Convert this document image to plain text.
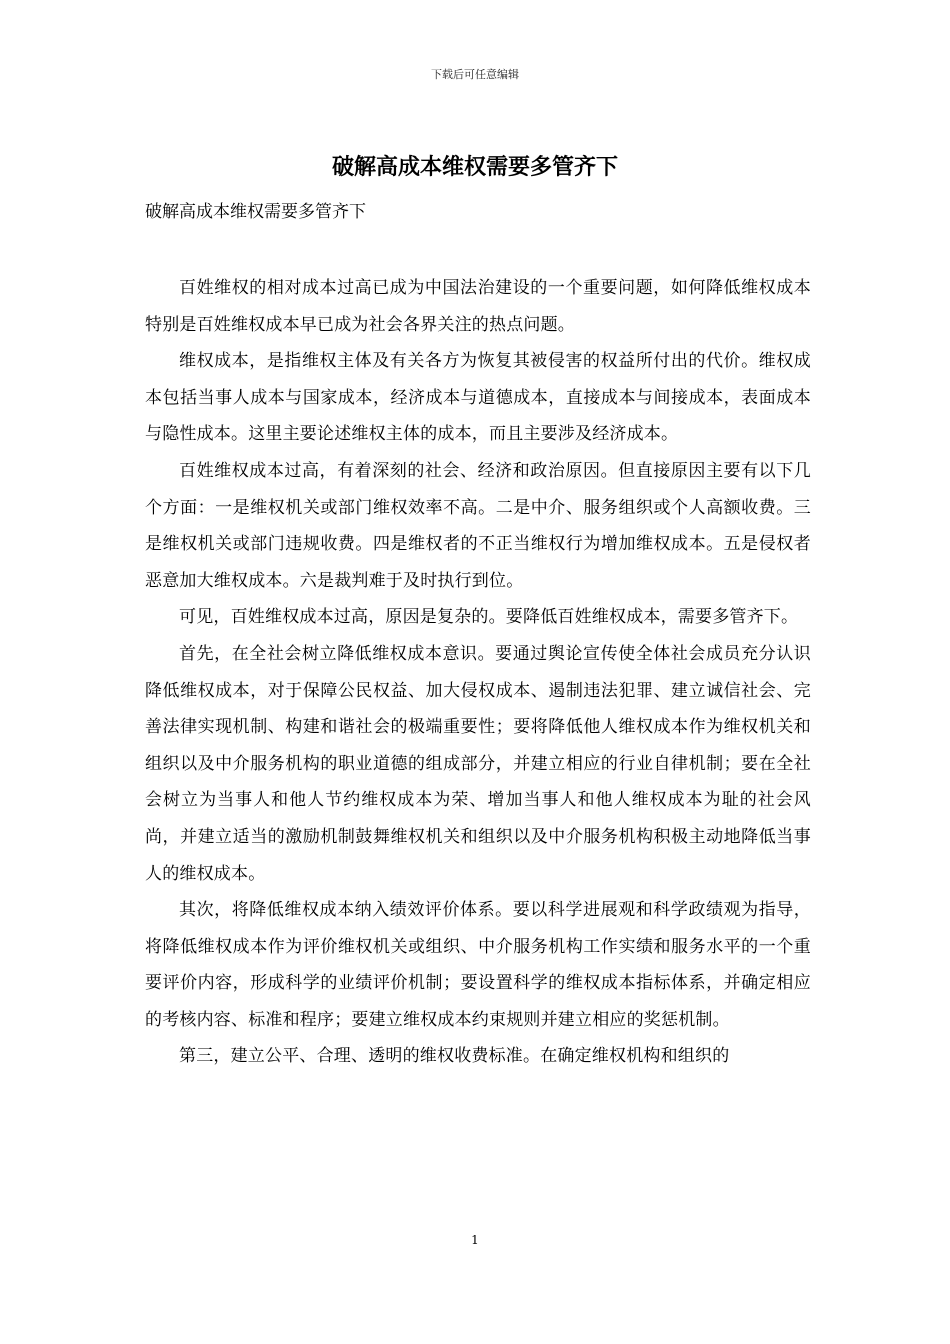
下载后可任意编辑
破解高成本维权需要多管齐下

破解高成本维权需要多管齐下

百姓维权的相对成本过高已成为中国法治建设的一个重要问题，如何降低维权成本特别是百姓维权成本早已成为社会各界关注的热点问题。

维权成本，是指维权主体及有关各方为恢复其被侵害的权益所付出的代价。维权成本包括当事人成本与国家成本，经济成本与道德成本，直接成本与间接成本，表面成本与隐性成本。这里主要论述维权主体的成本，而且主要涉及经济成本。

百姓维权成本过高，有着深刻的社会、经济和政治原因。但直接原因主要有以下几个方面：一是维权机关或部门维权效率不高。二是中介、服务组织或个人高额收费。三是维权机关或部门违规收费。四是维权者的不正当维权行为增加维权成本。五是侵权者恶意加大维权成本。六是裁判难于及时执行到位。

可见，百姓维权成本过高，原因是复杂的。要降低百姓维权成本，需要多管齐下。

首先，在全社会树立降低维权成本意识。要通过舆论宣传使全体社会成员充分认识降低维权成本，对于保障公民权益、加大侵权成本、遏制违法犯罪、建立诚信社会、完善法律实现机制、构建和谐社会的极端重要性；要将降低他人维权成本作为维权机关和组织以及中介服务机构的职业道德的组成部分，并建立相应的行业自律机制；要在全社会树立为当事人和他人节约维权成本为荣、增加当事人和他人维权成本为耻的社会风尚，并建立适当的激励机制鼓舞维权机关和组织以及中介服务机构积极主动地降低当事人的维权成本。

其次，将降低维权成本纳入绩效评价体系。要以科学进展观和科学政绩观为指导，将降低维权成本作为评价维权机关或组织、中介服务机构工作实绩和服务水平的一个重要评价内容，形成科学的业绩评价机制；要设置科学的维权成本指标体系，并确定相应的考核内容、标准和程序；要建立维权成本约束规则并建立相应的奖惩机制。

第三，建立公平、合理、透明的维权收费标准。在确定维权机构和组织的

1
